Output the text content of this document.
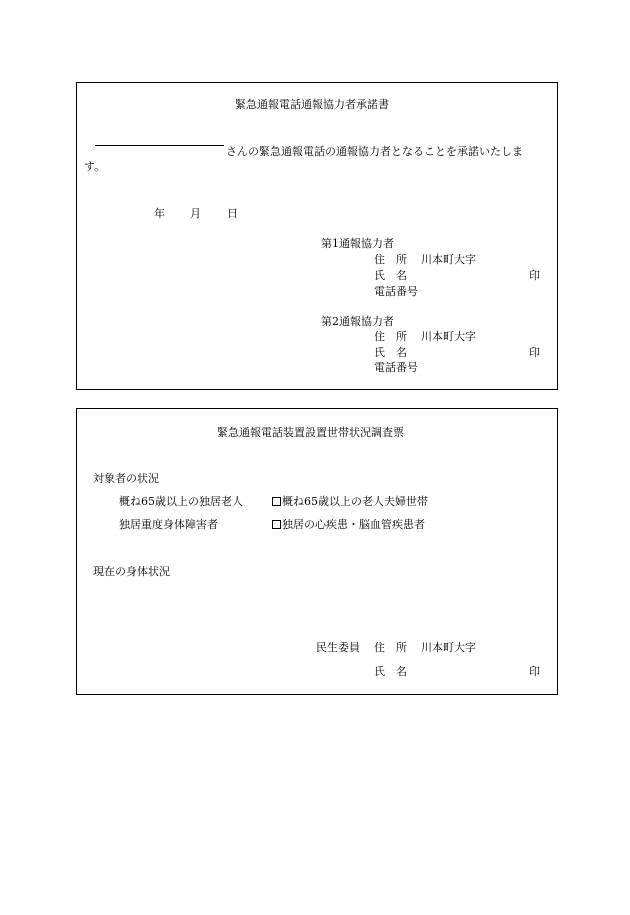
緊急通報電話通報協力者承諾書
さんの緊急通報電話の通報協力者となることを承諾いたしま
す。
年 月 日
第1通報協力者
住　所 川本町大字
氏　名	印
電話番号
第2通報協力者
住　所 川本町大字
氏　名	印
電話番号
緊急通報電話装置設置世帯状況調査票
対象者の状況
概ね65歳以上の独居老人	概ね65歳以上の老人夫婦世帯
独居重度身体障害者	独居の心疾患・脳血管疾患者
現在の身体状況
民生委員 住　所 川本町大字
氏　名	印
